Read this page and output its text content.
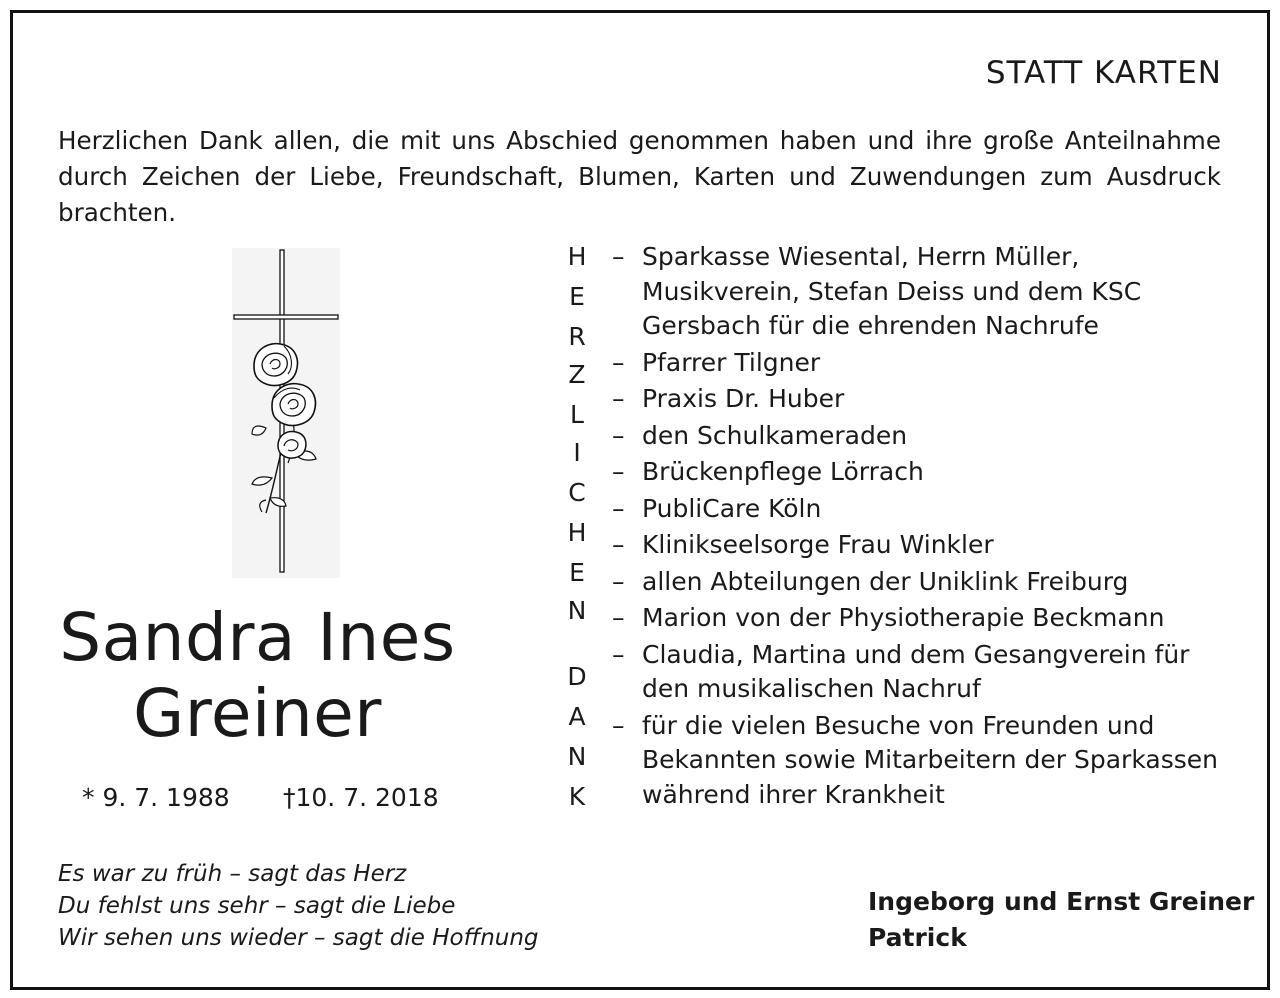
STATT KARTEN
Herzlichen Dank allen, die mit uns Abschied genommen haben und ihre große Anteilnahme durch Zeichen der Liebe, Freundschaft, Blumen, Karten und Zuwendungen zum Ausdruck brachten.
Sandra Ines
Greiner
* 9. 7. 1988 †10. 7. 2018
Es war zu früh – sagt das Herz
Du fehlst uns sehr – sagt die Liebe
Wir sehen uns wieder – sagt die Hoffnung
H
E
R
Z
L
I
C
H
E
N
D
A
N
K
– Sparkasse Wiesental, Herrn Müller, Musikverein, Stefan Deiss und dem KSC Gersbach für die ehrenden Nachrufe
– Pfarrer Tilgner
– Praxis Dr. Huber
– den Schulkameraden
– Brückenpflege Lörrach
– PubliCare Köln
– Klinikseelsorge Frau Winkler
– allen Abteilungen der Uniklink Freiburg
– Marion von der Physiotherapie Beckmann
– Claudia, Martina und dem Gesangverein für den musikalischen Nachruf
– für die vielen Besuche von Freunden und Bekannten sowie Mitarbeitern der Sparkassen während ihrer Krankheit
Ingeborg und Ernst Greiner
Patrick
